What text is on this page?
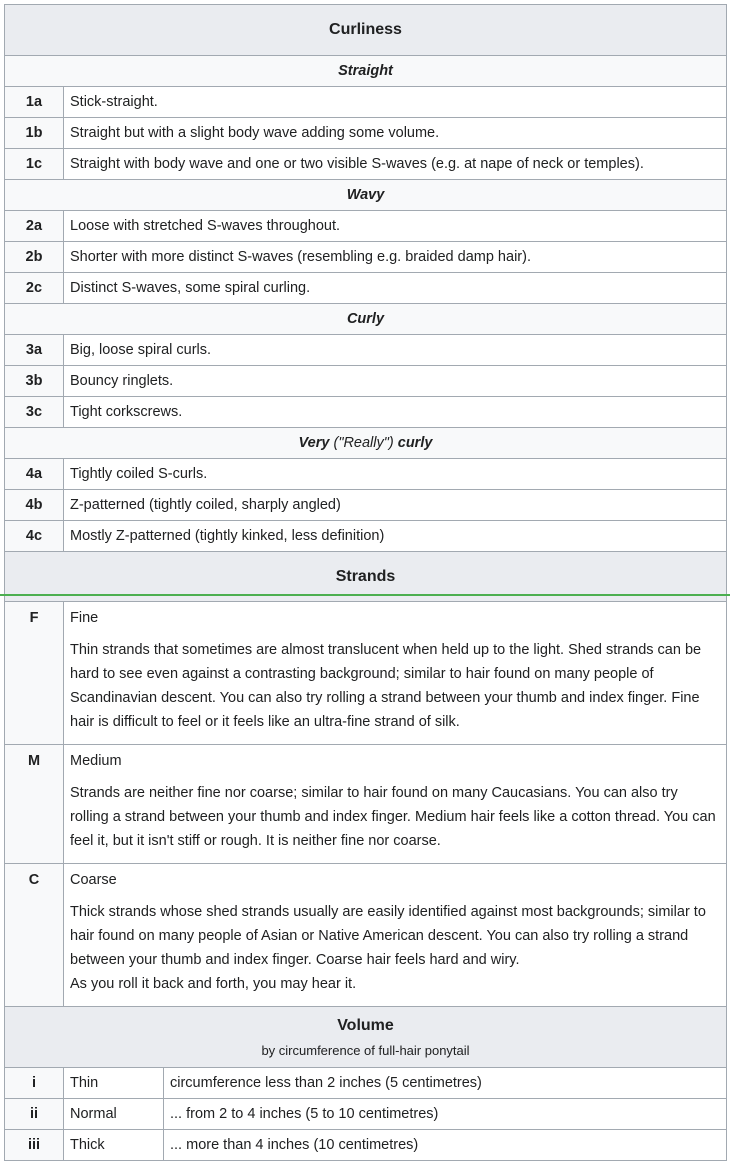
Curliness		
Straight		
1a	Stick-straight.	
1b	Straight but with a slight body wave adding some volume.	
1c	Straight with body wave and one or two visible S-waves (e.g. at nape of neck or temples).	
Wavy		
2a	Loose with stretched S-waves throughout.	
2b	Shorter with more distinct S-waves (resembling e.g. braided damp hair).	
2c	Distinct S-waves, some spiral curling.	
Curly		
3a	Big, loose spiral curls.	
3b	Bouncy ringlets.	
3c	Tight corkscrews.	
Very ("Really") curly		
4a	Tightly coiled S-curls.	
4b	Z-patterned (tightly coiled, sharply angled)	
4c	Mostly Z-patterned (tightly kinked, less definition)	
Strands		
F	Fine
Thin strands that sometimes are almost translucent when held up to the light. Shed strands can be hard to see even against a contrasting background; similar to hair found on many people of Scandinavian descent. You can also try rolling a strand between your thumb and index finger. Fine hair is difficult to feel or it feels like an ultra-fine strand of silk.	

M	Medium
Strands are neither fine nor coarse; similar to hair found on many Caucasians. You can also try rolling a strand between your thumb and index finger. Medium hair feels like a cotton thread. You can feel it, but it isn't stiff or rough. It is neither fine nor coarse.	

C	Coarse
Thick strands whose shed strands usually are easily identified against most backgrounds; similar to hair found on many people of Asian or Native American descent. You can also try rolling a strand between your thumb and index finger. Coarse hair feels hard and wiry.
As you roll it back and forth, you may hear it.	

Volume
by circumference of full-hair ponytail		

i	Thin	circumference less than 2 inches (5 centimetres)
ii	Normal	... from 2 to 4 inches (5 to 10 centimetres)
iii	Thick	... more than 4 inches (10 centimetres)
